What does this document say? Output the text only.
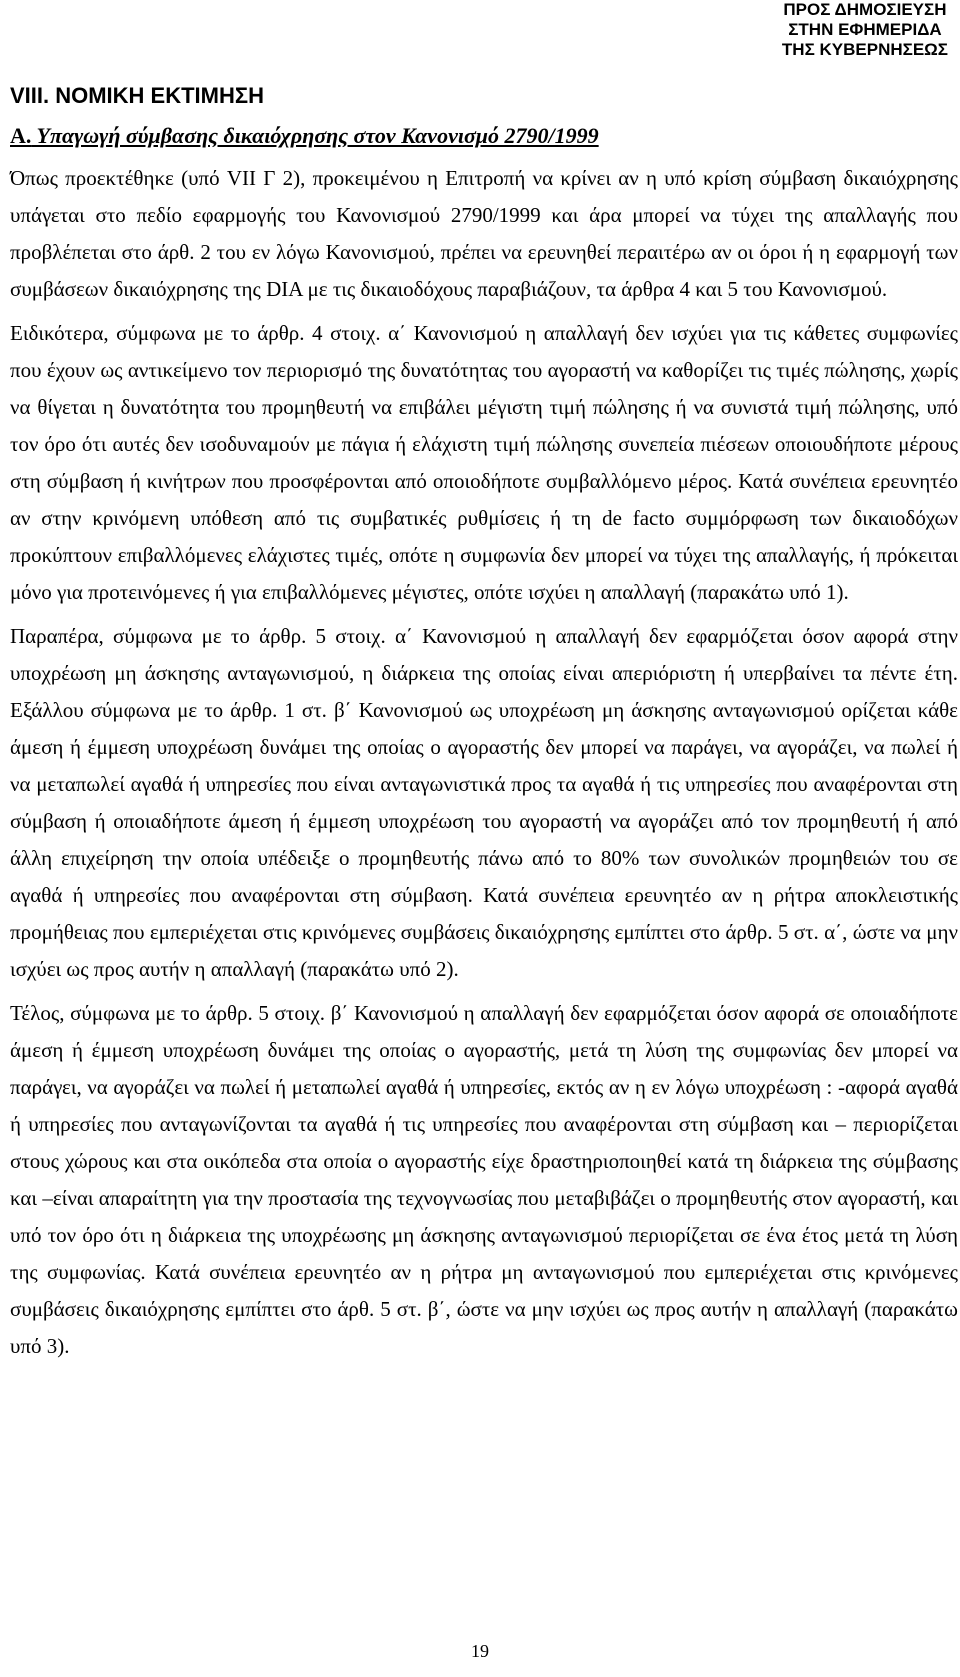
ΠΡΟΣ ΔΗΜΟΣΙΕΥΣΗ
ΣΤΗΝ ΕΦΗΜΕΡΙΔΑ
ΤΗΣ ΚΥΒΕΡΝΗΣΕΩΣ
VIII. ΝΟΜΙΚΗ ΕΚΤΙΜΗΣΗ
Α. Υπαγωγή σύμβασης δικαιόχρησης στον Κανονισμό 2790/1999

Όπως προεκτέθηκε (υπό VII Γ 2), προκειμένου η Επιτροπή να κρίνει αν η υπό κρίση σύμβαση δικαιόχρησης υπάγεται στο πεδίο εφαρμογής του Κανονισμού 2790/1999 και άρα μπορεί να τύχει της απαλλαγής που προβλέπεται στο άρθ. 2 του εν λόγω Κανονισμού, πρέπει να ερευνηθεί περαιτέρω αν οι όροι ή η εφαρμογή των συμβάσεων δικαιόχρησης της DIA με τις δικαιοδόχους παραβιάζουν, τα άρθρα 4 και 5 του Κανονισμού.

Ειδικότερα, σύμφωνα με το άρθρ. 4 στοιχ. α΄ Κανονισμού η απαλλαγή δεν ισχύει για τις κάθετες συμφωνίες που έχουν ως αντικείμενο τον περιορισμό της δυνατότητας του αγοραστή να καθορίζει τις τιμές πώλησης, χωρίς να θίγεται η δυνατότητα του προμηθευτή να επιβάλει μέγιστη τιμή πώλησης ή να συνιστά τιμή πώλησης, υπό τον όρο ότι αυτές δεν ισοδυναμούν με πάγια ή ελάχιστη τιμή πώλησης συνεπεία πιέσεων οποιουδήποτε μέρους στη σύμβαση ή κινήτρων που προσφέρονται από οποιοδήποτε συμβαλλόμενο μέρος. Κατά συνέπεια ερευνητέο αν στην κρινόμενη υπόθεση από τις συμβατικές ρυθμίσεις ή τη de facto συμμόρφωση των δικαιοδόχων προκύπτουν επιβαλλόμενες ελάχιστες τιμές, οπότε η συμφωνία δεν μπορεί να τύχει της απαλλαγής, ή πρόκειται μόνο για προτεινόμενες ή για επιβαλλόμενες μέγιστες, οπότε ισχύει η απαλλαγή (παρακάτω υπό 1).

Παραπέρα, σύμφωνα με το άρθρ. 5 στοιχ. α΄ Κανονισμού η απαλλαγή δεν εφαρμόζεται όσον αφορά στην υποχρέωση μη άσκησης ανταγωνισμού, η διάρκεια της οποίας είναι απεριόριστη ή υπερβαίνει τα πέντε έτη. Εξάλλου σύμφωνα με το άρθρ. 1 στ. β΄ Κανονισμού ως υποχρέωση μη άσκησης ανταγωνισμού ορίζεται κάθε άμεση ή έμμεση υποχρέωση δυνάμει της οποίας ο αγοραστής δεν μπορεί να παράγει, να αγοράζει, να πωλεί ή να μεταπωλεί αγαθά ή υπηρεσίες που είναι ανταγωνιστικά προς τα αγαθά ή τις υπηρεσίες που αναφέρονται στη σύμβαση ή οποιαδήποτε άμεση ή έμμεση υποχρέωση του αγοραστή να αγοράζει από τον προμηθευτή ή από άλλη επιχείρηση την οποία υπέδειξε ο προμηθευτής πάνω από το 80% των συνολικών προμηθειών του σε αγαθά ή υπηρεσίες που αναφέρονται στη σύμβαση. Κατά συνέπεια ερευνητέο αν η ρήτρα αποκλειστικής προμήθειας που εμπεριέχεται στις κρινόμενες συμβάσεις δικαιόχρησης εμπίπτει στο άρθρ. 5 στ. α΄, ώστε να μην ισχύει ως προς αυτήν η απαλλαγή (παρακάτω υπό 2).

Τέλος, σύμφωνα με το άρθρ. 5 στοιχ. β΄ Κανονισμού η απαλλαγή δεν εφαρμόζεται όσον αφορά σε οποιαδήποτε άμεση ή έμμεση υποχρέωση δυνάμει της οποίας ο αγοραστής, μετά τη λύση της συμφωνίας δεν μπορεί να παράγει, να αγοράζει να πωλεί ή μεταπωλεί αγαθά ή υπηρεσίες, εκτός αν η εν λόγω υποχρέωση : -αφορά αγαθά ή υπηρεσίες που ανταγωνίζονται τα αγαθά ή τις υπηρεσίες που αναφέρονται στη σύμβαση και – περιορίζεται στους χώρους και στα οικόπεδα στα οποία ο αγοραστής είχε δραστηριοποιηθεί κατά τη διάρκεια της σύμβασης και –είναι απαραίτητη για την προστασία της τεχνογνωσίας που μεταβιβάζει ο προμηθευτής στον αγοραστή, και υπό τον όρο ότι η διάρκεια της υποχρέωσης μη άσκησης ανταγωνισμού περιορίζεται σε ένα έτος μετά τη λύση της συμφωνίας. Κατά συνέπεια ερευνητέο αν η ρήτρα μη ανταγωνισμού που εμπεριέχεται στις κρινόμενες συμβάσεις δικαιόχρησης εμπίπτει στο άρθ. 5 στ. β΄, ώστε να μην ισχύει ως προς αυτήν η απαλλαγή (παρακάτω υπό 3).

19
